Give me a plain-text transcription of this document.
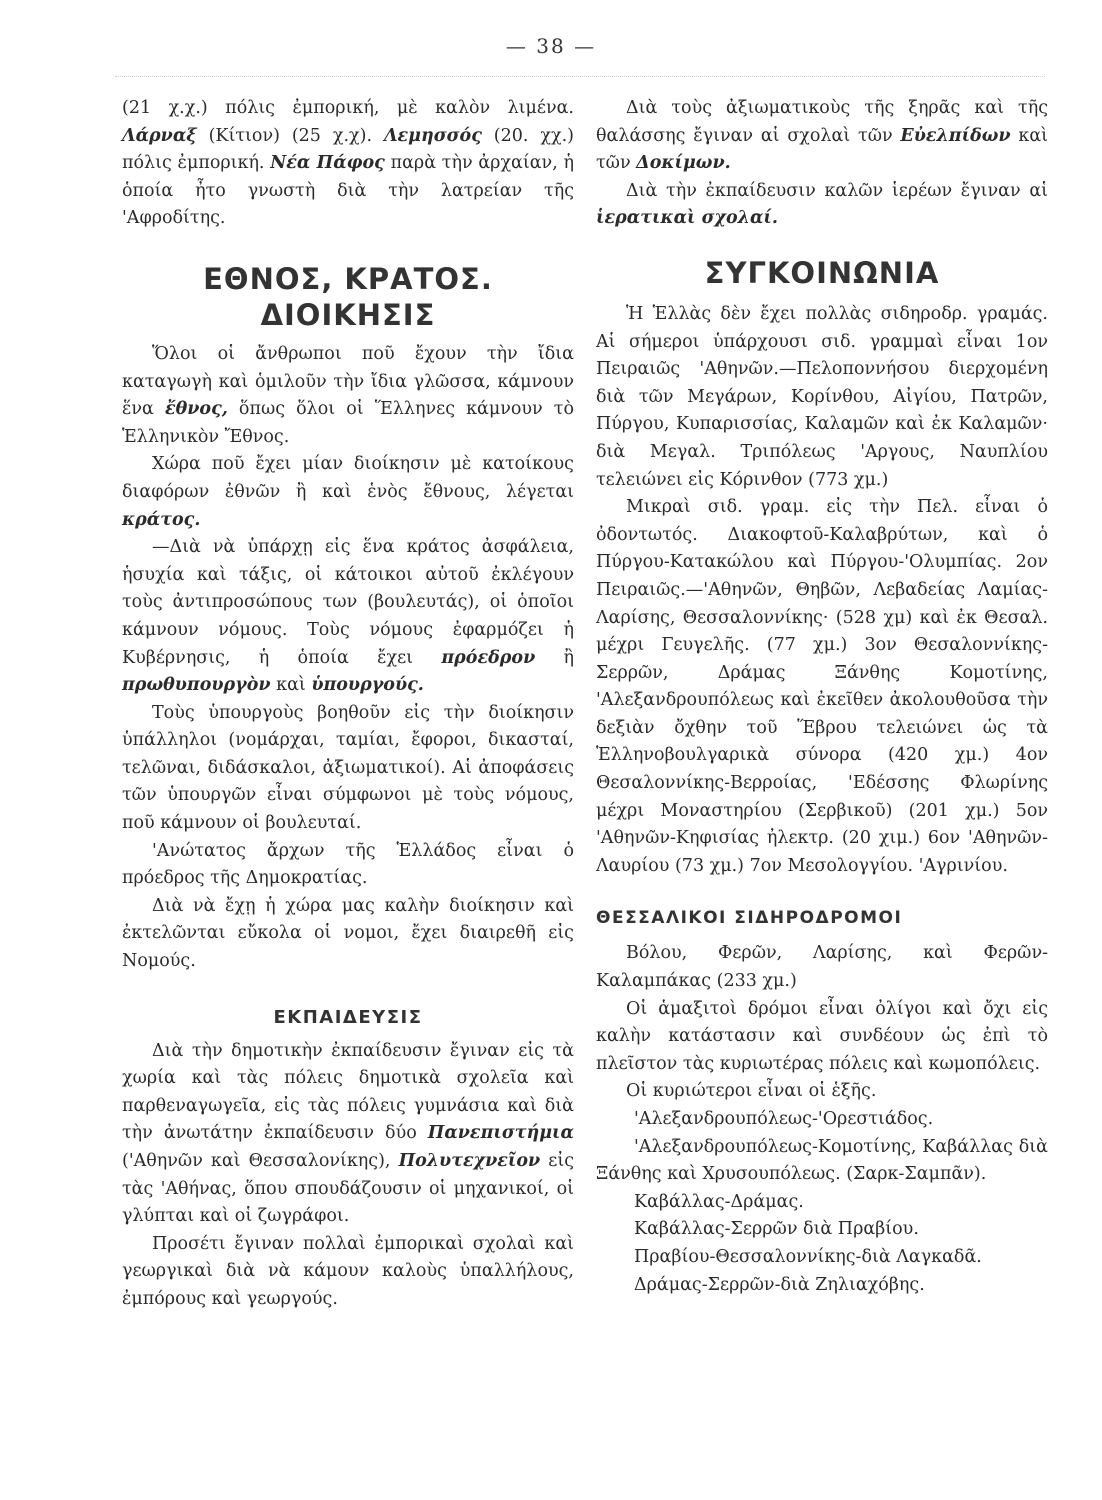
— 38 —

(21 χ.χ.) πόλις ἐμπορική, μὲ καλὸν λιμένα. Λάρναξ (Κίτιον) (25 χ.χ). Λεμησσός (20. χχ.) πόλις ἐμπορική. Νέα Πάφος παρὰ τὴν ἀρχαίαν, ἡ ὁποία ἦτο γνωστὴ διὰ τὴν λατρείαν τῆς 'Αφροδίτης.

ΕΘΝΟΣ, ΚΡΑΤΟΣ.
ΔΙΟΙΚΗΣΙΣ

Ὅλοι οἱ ἄνθρωποι ποῦ ἔχουν τὴν ἴδια καταγωγὴ καὶ ὁμιλοῦν τὴν ἴδια γλῶσσα, κάμνουν ἕνα ἔθνος, ὅπως ὅλοι οἱ Ἕλληνες κάμνουν τὸ Ἑλληνικὸν Ἔθνος.

Χώρα ποῦ ἔχει μίαν διοίκησιν μὲ κατοίκους διαφόρων ἐθνῶν ἢ καὶ ἑνὸς ἔθνους, λέγεται κράτος.

—Διὰ νὰ ὑπάρχῃ εἰς ἕνα κράτος ἀσφάλεια, ἡσυχία καὶ τάξις, οἱ κάτοικοι αὐτοῦ ἐκλέγουν τοὺς ἀντιπροσώπους των (βουλευτάς), οἱ ὁποῖοι κάμνουν νόμους. Τοὺς νόμους ἐφαρμόζει ἡ Κυβέρνησις, ἡ ὁποία ἔχει πρόεδρον ἢ πρωθυπουργὸν καὶ ὑπουργούς.

Τοὺς ὑπουργοὺς βοηθοῦν εἰς τὴν διοίκησιν ὑπάλληλοι (νομάρχαι, ταμίαι, ἔφοροι, δικασταί, τελῶναι, διδάσκαλοι, ἀξιωματικοί). Αἱ ἀποφάσεις τῶν ὑπουργῶν εἶναι σύμφωνοι μὲ τοὺς νόμους, ποῦ κάμνουν οἱ βουλευταί.

'Ανώτατος ἄρχων τῆς Ἑλλάδος εἶναι ὁ πρόεδρος τῆς Δημοκρατίας.

Διὰ νὰ ἔχῃ ἡ χώρα μας καλὴν διοίκησιν καὶ ἐκτελῶνται εὔκολα οἱ νομοι, ἔχει διαιρεθῆ εἰς Νομούς.

ΕΚΠΑΙΔΕΥΣΙΣ

Διὰ τὴν δημοτικὴν ἐκπαίδευσιν ἔγιναν εἰς τὰ χωρία καὶ τὰς πόλεις δημοτικὰ σχολεῖα καὶ παρθεναγωγεῖα, εἰς τὰς πόλεις γυμνάσια καὶ διὰ τὴν ἀνωτάτην ἐκπαίδευσιν δύο Πανεπιστήμια ('Αθηνῶν καὶ Θεσσαλονίκης), Πολυτεχνεῖον εἰς τὰς 'Αθήνας, ὅπου σπουδάζουσιν οἱ μηχανικοί, οἱ γλύπται καὶ οἱ ζωγράφοι.

Προσέτι ἔγιναν πολλαὶ ἐμπορικαὶ σχολαὶ καὶ γεωργικαὶ διὰ νὰ κάμουν καλοὺς ὑπαλλήλους, ἐμπόρους καὶ γεωργούς.

Διὰ τοὺς ἀξιωματικοὺς τῆς ξηρᾶς καὶ τῆς θαλάσσης ἔγιναν αἱ σχολαὶ τῶν Εὐελπίδων καὶ τῶν Δοκίμων.

Διὰ τὴν ἐκπαίδευσιν καλῶν ἱερέων ἔγιναν αἱ ἱερατικαὶ σχολαί.

ΣΥΓΚΟΙΝΩΝΙΑ

Ἡ Ἑλλὰς δὲν ἔχει πολλὰς σιδηροδρ. γραμάς. Αἱ σήμεροι ὑπάρχουσι σιδ. γραμμαὶ εἶναι 1ον Πειραιῶς 'Αθηνῶν.—Πελοποννήσου διερχομένη διὰ τῶν Μεγάρων, Κορίνθου, Αἰγίου, Πατρῶν, Πύργου, Κυπαρισσίας, Καλαμῶν καὶ ἐκ Καλαμῶν· διὰ Μεγαλ. Τριπόλεως 'Αργους, Ναυπλίου τελειώνει εἰς Κόρινθον (773 χμ.)

Μικραὶ σιδ. γραμ. εἰς τὴν Πελ. εἶναι ὁ ὀδοντωτός. Διακοφτοῦ-Καλαβρύτων, καὶ ὁ Πύργου-Κατακώλου καὶ Πύργου-'Ολυμπίας. 2ον Πειραιῶς.—'Αθηνῶν, Θηβῶν, Λεβαδείας Λαμίας-Λαρίσης, Θεσσαλοννίκης· (528 χμ) καὶ ἐκ Θεσαλ. μέχρι Γευγελῆς. (77 χμ.) 3ον Θεσαλοννίκης-Σερρῶν, Δράμας Ξάνθης Κομοτίνης, 'Αλεξανδρουπόλεως καὶ ἐκεῖθεν ἀκολουθοῦσα τὴν δεξιὰν ὄχθην τοῦ Ἕβρου τελειώνει ὡς τὰ Ἑλληνοβουλγαρικὰ σύνορα (420 χμ.) 4ον Θεσαλοννίκης-Βερροίας, 'Εδέσσης Φλωρίνης μέχρι Μοναστηρίου (Σερβικοῦ) (201 χμ.) 5ον 'Αθηνῶν-Κηφισίας ἠλεκτρ. (20 χιμ.) 6ον 'Αθηνῶν-Λαυρίου (73 χμ.) 7ον Μεσολογγίου. 'Αγρινίου.

ΘΕΣΣΑΛΙΚΟΙ ΣΙΔΗΡΟΔΡΟΜΟΙ

Βόλου, Φερῶν, Λαρίσης, καὶ Φερῶν-Καλαμπάκας (233 χμ.)

Οἱ ἁμαξιτοὶ δρόμοι εἶναι ὀλίγοι καὶ ὄχι εἰς καλὴν κατάστασιν καὶ συνδέουν ὡς ἐπὶ τὸ πλεῖστον τὰς κυριωτέρας πόλεις καὶ κωμοπόλεις.

Οἱ κυριώτεροι εἶναι οἱ ἑξῆς.

'Αλεξανδρουπόλεως-'Ορεστιάδος.

'Αλεξανδρουπόλεως-Κομοτίνης, Καβάλλας διὰ Ξάνθης καὶ Χρυσουπόλεως. (Σαρκ-Σαμπᾶν).

Καβάλλας-Δράμας.

Καβάλλας-Σερρῶν διὰ Πραβίου.

Πραβίου-Θεσσαλοννίκης-διὰ Λαγκαδᾶ.

Δράμας-Σερρῶν-διὰ Ζηλιαχόβης.
